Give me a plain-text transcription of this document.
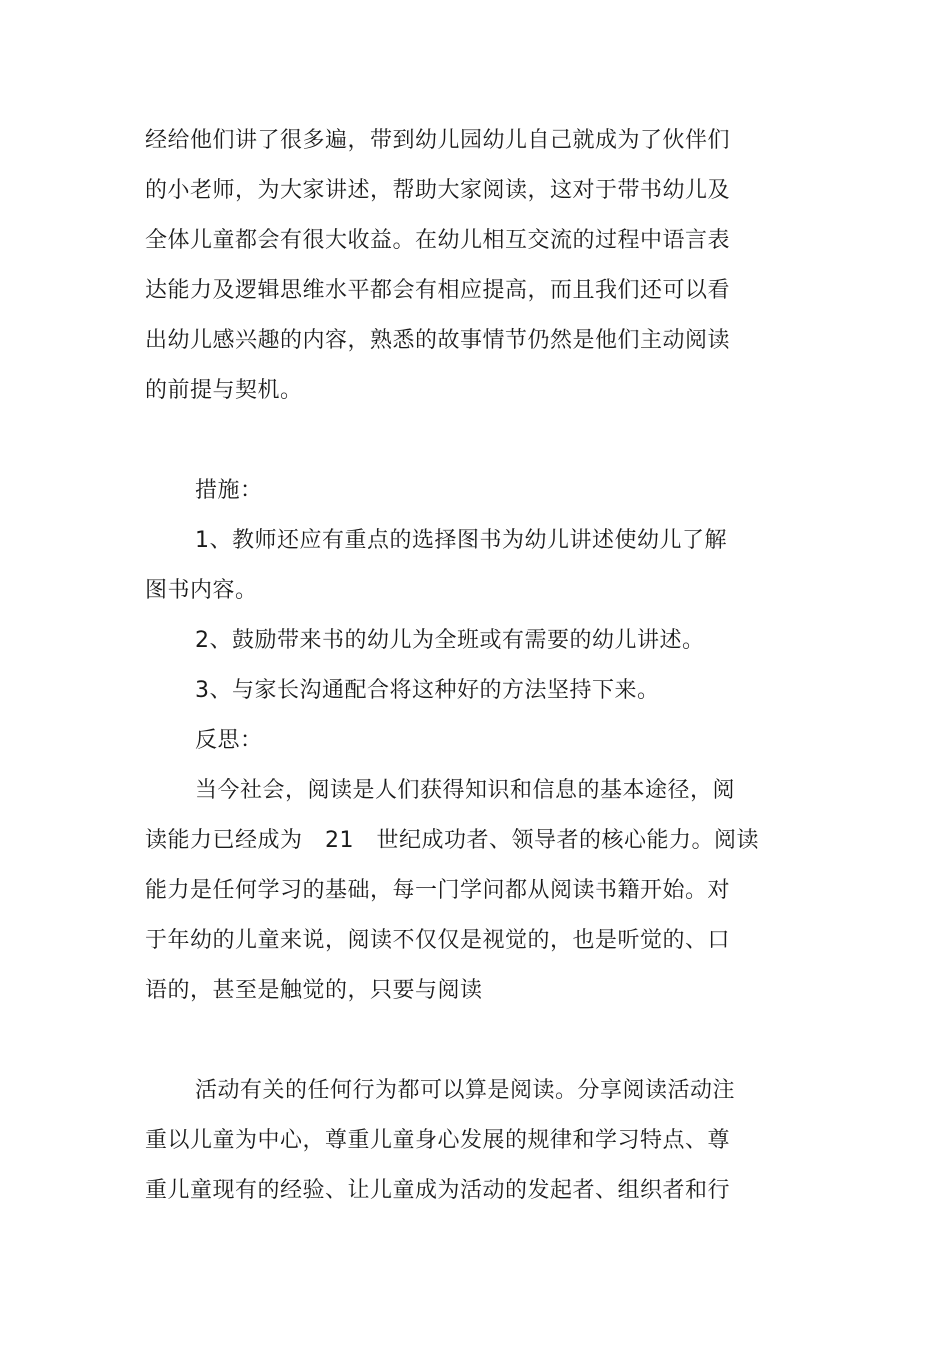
经给他们讲了很多遍，带到幼儿园幼儿自己就成为了伙伴们
的小老师，为大家讲述，帮助大家阅读，这对于带书幼儿及
全体儿童都会有很大收益。在幼儿相互交流的过程中语言表
达能力及逻辑思维水平都会有相应提高，而且我们还可以看
出幼儿感兴趣的内容，熟悉的故事情节仍然是他们主动阅读
的前提与契机。
措施：
1、教师还应有重点的选择图书为幼儿讲述使幼儿了解
图书内容。
2、鼓励带来书的幼儿为全班或有需要的幼儿讲述。
3、与家长沟通配合将这种好的方法坚持下来。
反思：
当今社会，阅读是人们获得知识和信息的基本途径，阅
读能力已经成为　21　世纪成功者、领导者的核心能力。阅读
能力是任何学习的基础，每一门学问都从阅读书籍开始。对
于年幼的儿童来说，阅读不仅仅是视觉的，也是听觉的、口
语的，甚至是触觉的，只要与阅读
活动有关的任何行为都可以算是阅读。分享阅读活动注
重以儿童为中心，尊重儿童身心发展的规律和学习特点、尊
重儿童现有的经验、让儿童成为活动的发起者、组织者和行
